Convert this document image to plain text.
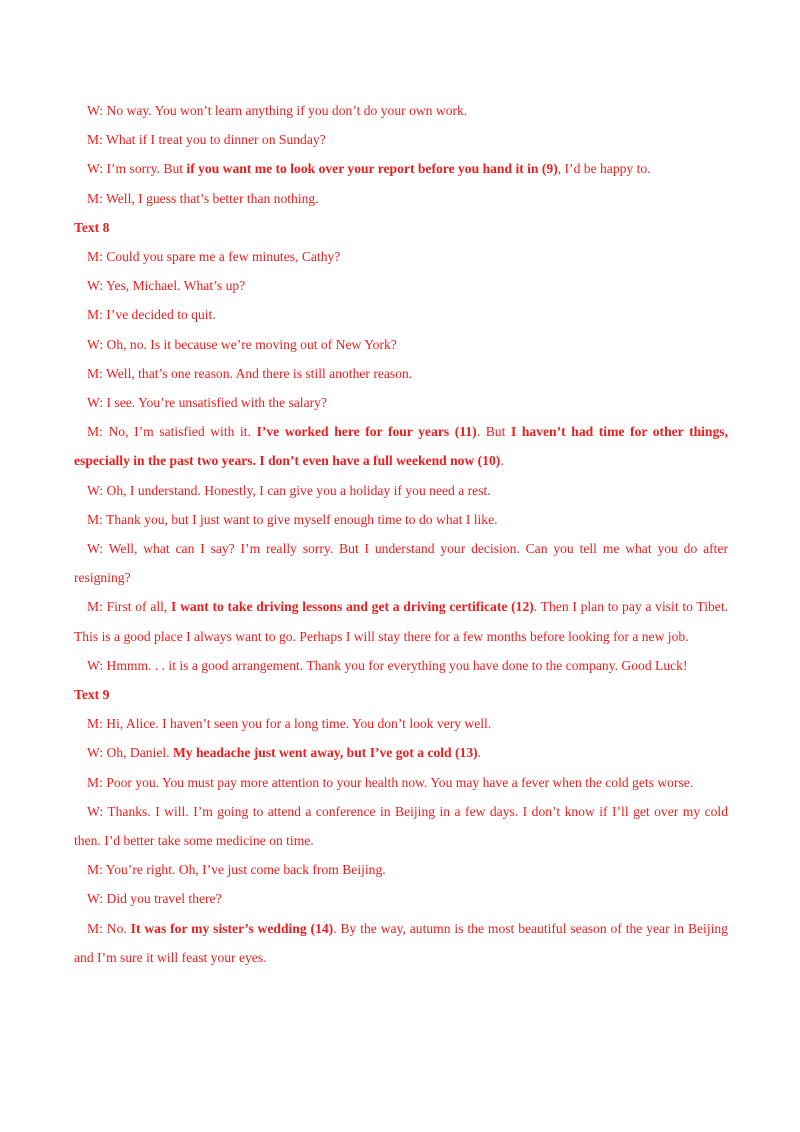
W: No way. You won’t learn anything if you don’t do your own work.

M: What if I treat you to dinner on Sunday?

W: I’m sorry. But if you want me to look over your report before you hand it in (9), I’d be happy to.

M: Well, I guess that’s better than nothing.

Text 8

M: Could you spare me a few minutes, Cathy?

W: Yes, Michael. What’s up?

M: I’ve decided to quit.

W: Oh, no. Is it because we’re moving out of New York?

M: Well, that’s one reason. And there is still another reason.

W: I see. You’re unsatisfied with the salary?

M: No, I’m satisfied with it. I’ve worked here for four years (11). But I haven’t had time for other things, especially in the past two years. I don’t even have a full weekend now (10).

W: Oh, I understand. Honestly, I can give you a holiday if you need a rest.

M: Thank you, but I just want to give myself enough time to do what I like.

W: Well, what can I say? I’m really sorry. But I understand your decision. Can you tell me what you do after resigning?

M: First of all, I want to take driving lessons and get a driving certificate (12). Then I plan to pay a visit to Tibet. This is a good place I always want to go. Perhaps I will stay there for a few months before looking for a new job.

W: Hmmm. . . it is a good arrangement. Thank you for everything you have done to the company. Good Luck!

Text 9

M: Hi, Alice. I haven’t seen you for a long time. You don’t look very well.

W: Oh, Daniel. My headache just went away, but I’ve got a cold (13).

M: Poor you. You must pay more attention to your health now. You may have a fever when the cold gets worse.

W: Thanks. I will. I’m going to attend a conference in Beijing in a few days. I don’t know if I’ll get over my cold then. I’d better take some medicine on time.

M: You’re right. Oh, I’ve just come back from Beijing.

W: Did you travel there?

M: No. It was for my sister’s wedding (14). By the way, autumn is the most beautiful season of the year in Beijing and I’m sure it will feast your eyes.
